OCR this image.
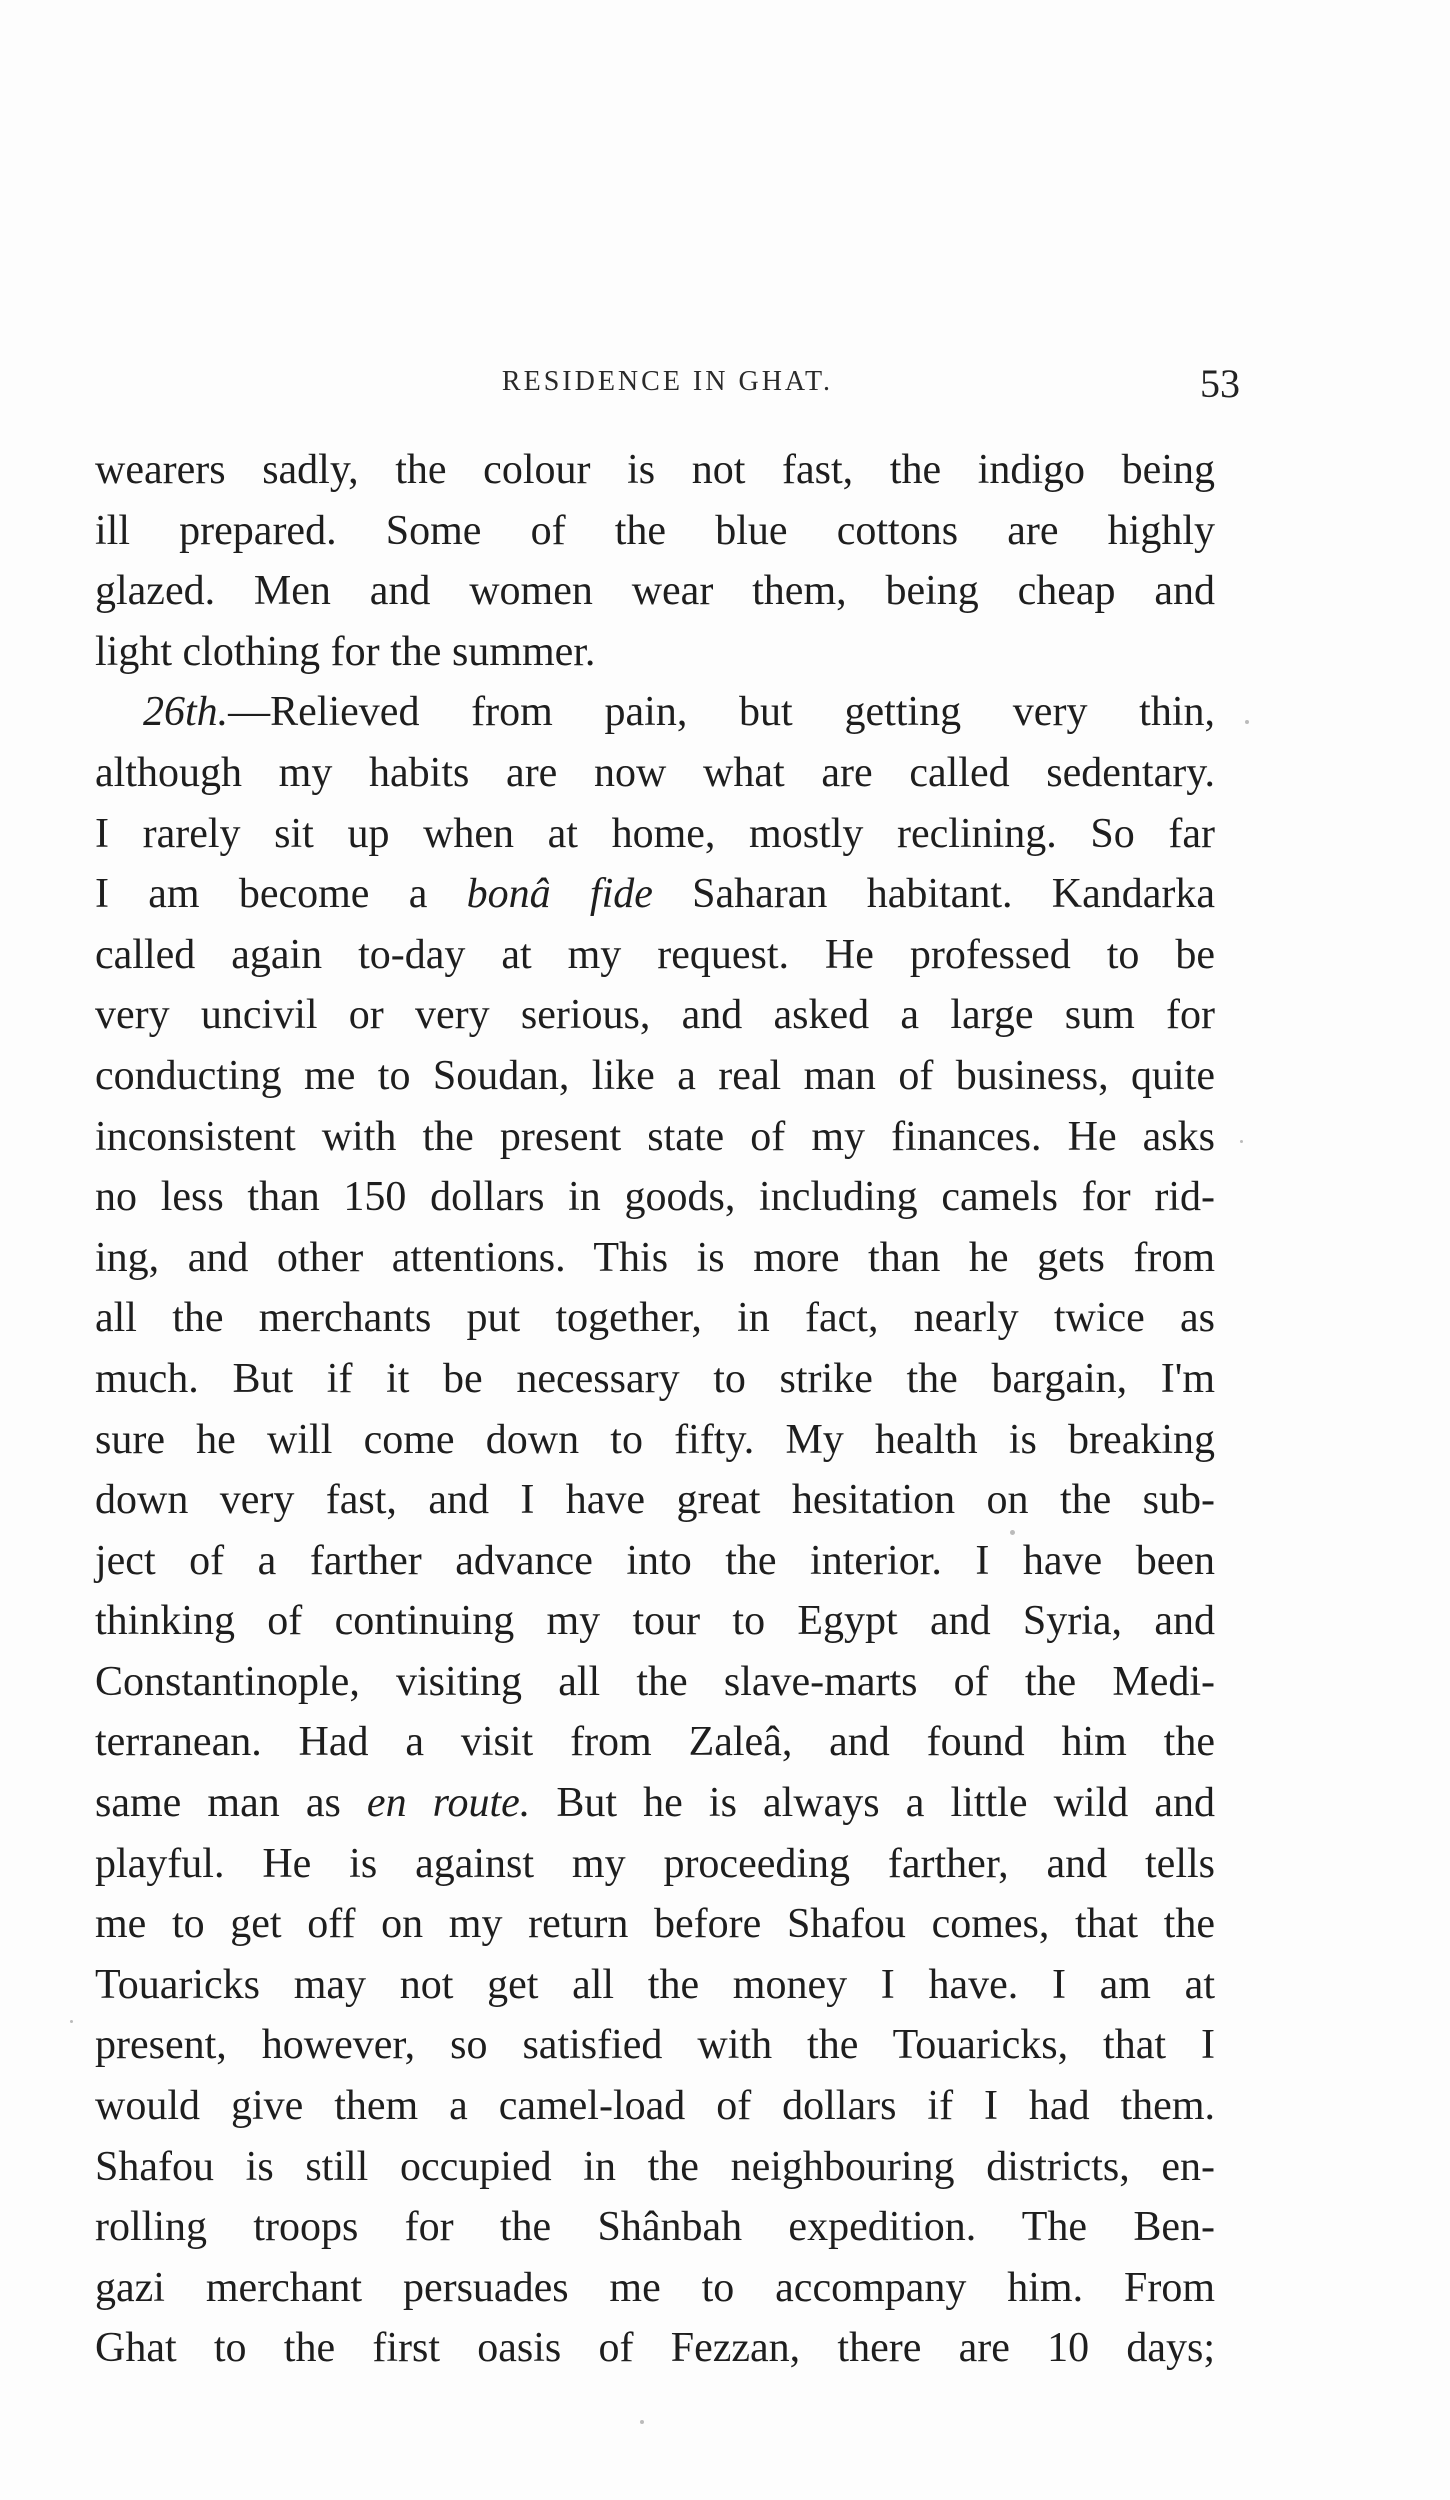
RESIDENCE IN GHAT.	53
wearers sadly, the colour is not fast, the indigo being
ill prepared. Some of the blue cottons are highly
glazed. Men and women wear them, being cheap and
light clothing for the summer.
26th.—Relieved from pain, but getting very thin,
although my habits are now what are called sedentary.
I rarely sit up when at home, mostly reclining. So far
I am become a bonâ fide Saharan habitant. Kandarka
called again to-day at my request. He professed to be
very uncivil or very serious, and asked a large sum for
conducting me to Soudan, like a real man of business, quite
inconsistent with the present state of my finances. He asks
no less than 150 dollars in goods, including camels for rid-
ing, and other attentions. This is more than he gets from
all the merchants put together, in fact, nearly twice as
much. But if it be necessary to strike the bargain, I'm
sure he will come down to fifty. My health is breaking
down very fast, and I have great hesitation on the sub-
ject of a farther advance into the interior. I have been
thinking of continuing my tour to Egypt and Syria, and
Constantinople, visiting all the slave-marts of the Medi-
terranean. Had a visit from Zaleâ, and found him the
same man as en route. But he is always a little wild and
playful. He is against my proceeding farther, and tells
me to get off on my return before Shafou comes, that the
Touaricks may not get all the money I have. I am at
present, however, so satisfied with the Touaricks, that I
would give them a camel-load of dollars if I had them.
Shafou is still occupied in the neighbouring districts, en-
rolling troops for the Shânbah expedition. The Ben-
gazi merchant persuades me to accompany him. From
Ghat to the first oasis of Fezzan, there are 10 days;
